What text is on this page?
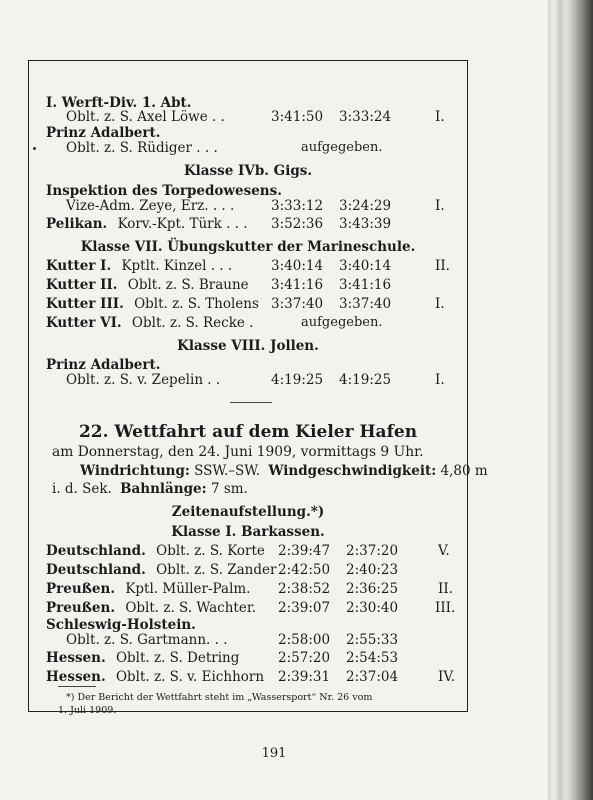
I. Werft-Div. 1. Abt.
Oblt. z. S. Axel Löwe . .	3:41:50 3:33:24	I.
Prinz Adalbert.
Oblt. z. S. Rüdiger . . .	aufgegeben.
Klasse IVb. Gigs.
Inspektion des Torpedowesens.
Vize-Adm. Zeye, Erz. . . .	3:33:12 3:24:29	I.
Pelikan. Korv.-Kpt. Türk . . . 3:52:36 3:43:39
Klasse VII. Übungskutter der Marineschule.
Kutter I. Kptlt. Kinzel . . .	3:40:14 3:40:14	II.
Kutter II. Oblt. z. S. Braune 3:41:16 3:41:16
Kutter III. Oblt. z. S. Tholens 3:37:40 3:37:40	I.
Kutter VI. Oblt. z. S. Recke .	aufgegeben.
Klasse VIII. Jollen.
Prinz Adalbert.
Oblt. z. S. v. Zepelin . .	4:19:25 4:19:25	I.
22. Wettfahrt auf dem Kieler Hafen
am Donnerstag, den 24. Juni 1909, vormittags 9 Uhr.
Windrichtung: SSW.–SW. Windgeschwindigkeit: 4,80 m
i. d. Sek. Bahnlänge: 7 sm.
Zeitenaufstellung.*)
Klasse I. Barkassen.
Deutschland. Oblt. z. S. Korte 2:39:47 2:37:20	V.
Deutschland. Oblt. z. S. Zander 2:42:50 2:40:23
Preußen. Kptl. Müller-Palm. 2:38:52 2:36:25	II.
Preußen. Oblt. z. S. Wachter. 2:39:07 2:30:40	III.
Schleswig-Holstein.
Oblt. z. S. Gartmann. . .	2:58:00 2:55:33
Hessen. Oblt. z. S. Detring	2:57:20 2:54:53
Hessen. Oblt. z. S. v. Eichhorn 2:39:31 2:37:04	IV.
*) Der Bericht der Wettfahrt steht im „Wassersport“ Nr. 26 vom
1. Juli 1909.
191
